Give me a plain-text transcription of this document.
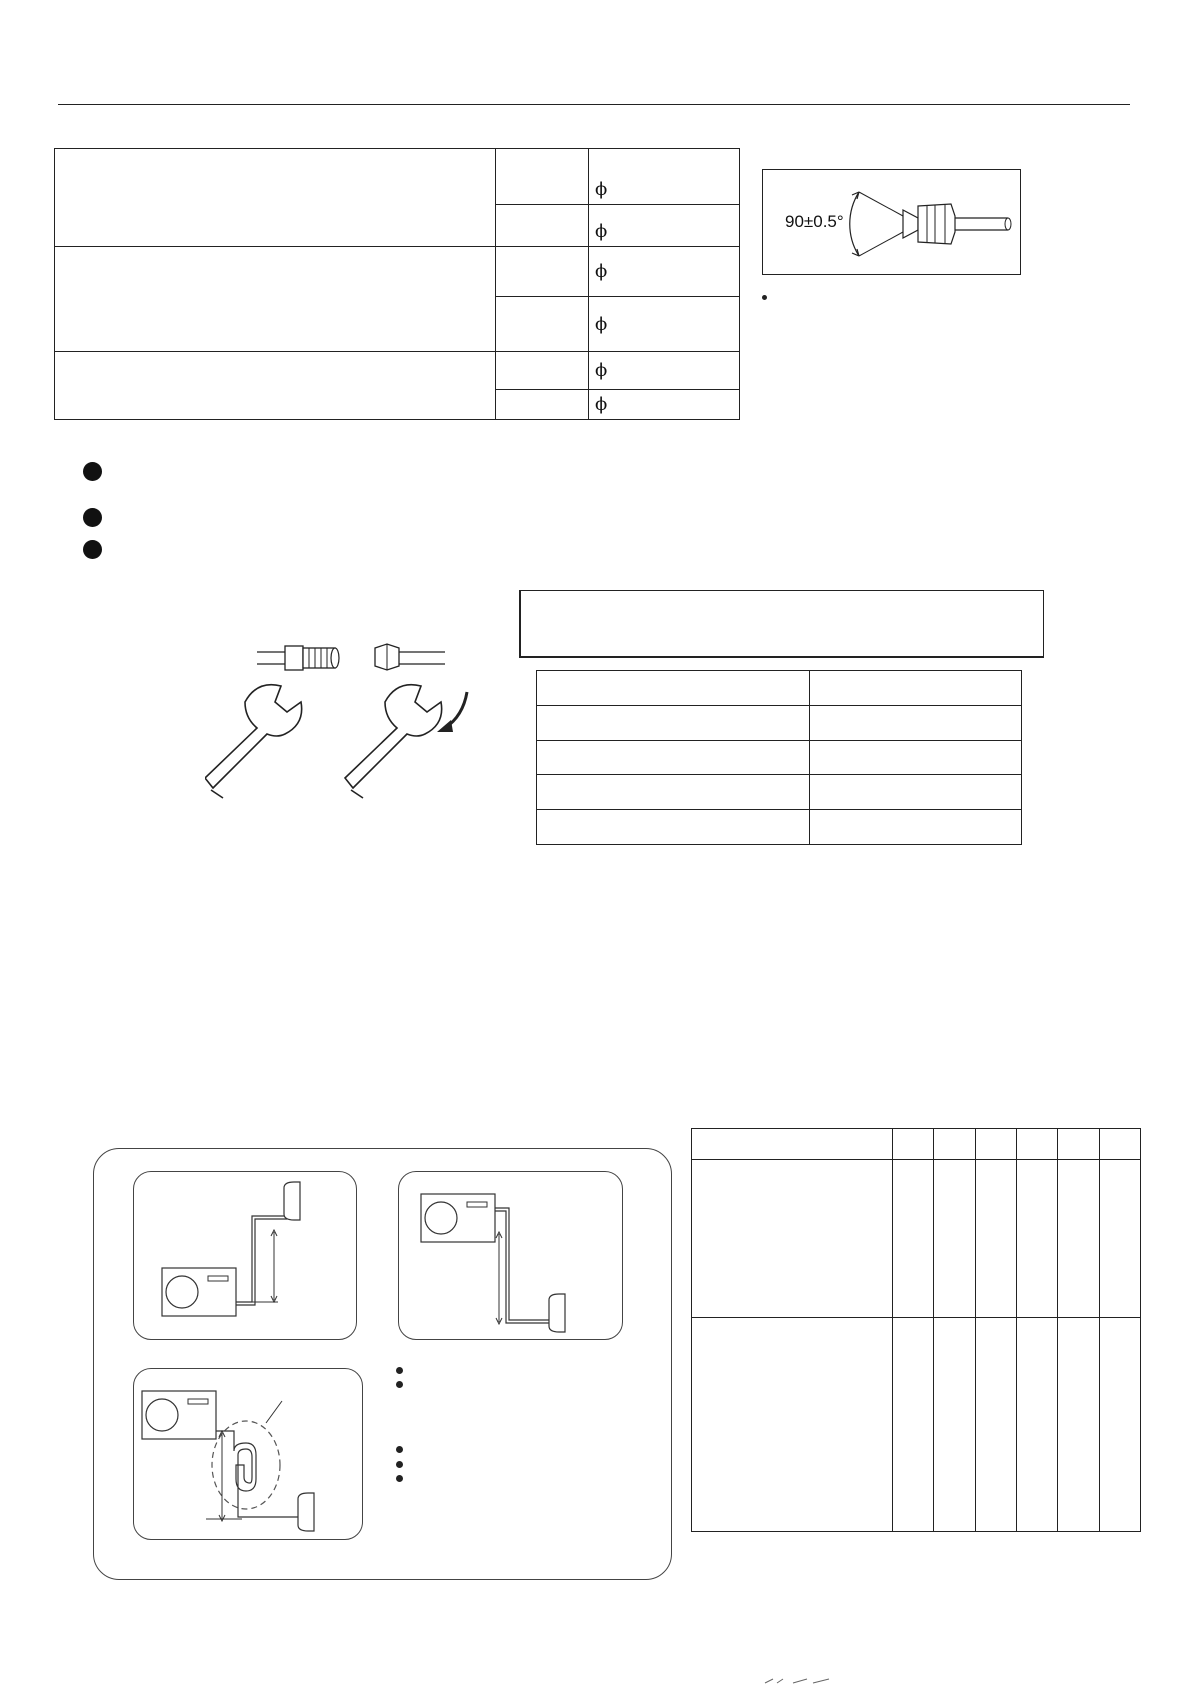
		ϕ
		ϕ
		ϕ
		ϕ
		ϕ
		ϕ
90±0.5°
